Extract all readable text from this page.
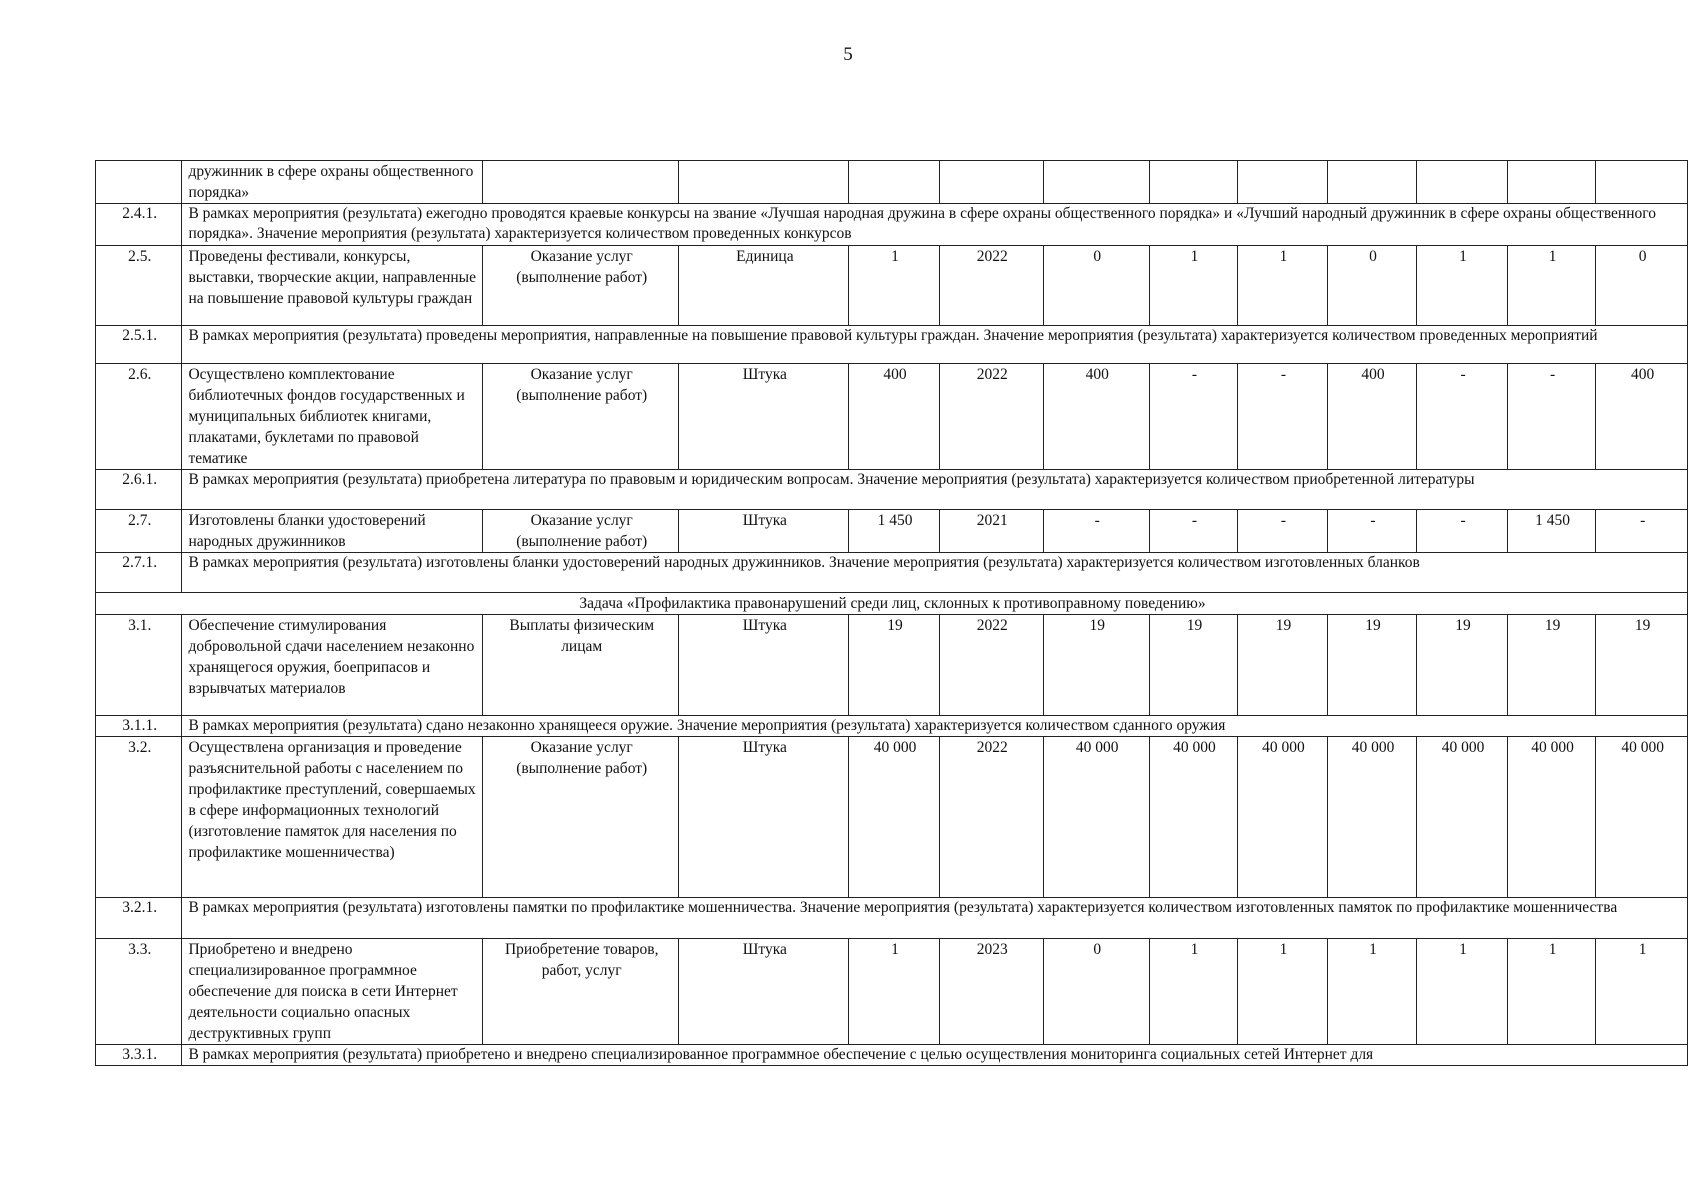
5
	дружинник в сфере охраны общественного порядка»											
2.4.1.	В рамках мероприятия (результата) ежегодно проводятся краевые конкурсы на звание «Лучшая народная дружина в сфере охраны общественного порядка» и «Лучший народный дружинник в сфере охраны общественного порядка». Значение мероприятия (результата) характеризуется количеством проведенных конкурсов											
2.5.	Проведены фестивали, конкурсы, выставки, творческие акции, направленные на повышение правовой культуры граждан	Оказание услуг (выполнение работ)	Единица	1	2022	0	1	1	0	1	1	0
2.5.1.	В рамках мероприятия (результата) проведены мероприятия, направленные на повышение правовой культуры граждан. Значение мероприятия (результата) характеризуется количеством проведенных мероприятий											
2.6.	Осуществлено комплектование библиотечных фондов государственных и муниципальных библиотек книгами, плакатами, буклетами по правовой тематике	Оказание услуг (выполнение работ)	Штука	400	2022	400	-	-	400	-	-	400
2.6.1.	В рамках мероприятия (результата) приобретена литература по правовым и юридическим вопросам. Значение мероприятия (результата) характеризуется количеством приобретенной литературы											
2.7.	Изготовлены бланки удостоверений народных дружинников	Оказание услуг (выполнение работ)	Штука	1 450	2021	-	-	-	-	-	1 450	-
2.7.1.	В рамках мероприятия (результата) изготовлены бланки удостоверений народных дружинников. Значение мероприятия (результата) характеризуется количеством изготовленных бланков											
Задача «Профилактика правонарушений среди лиц, склонных к противоправному поведению»												
3.1.	Обеспечение стимулирования добровольной сдачи населением незаконно хранящегося оружия, боеприпасов и взрывчатых материалов	Выплаты физическим лицам	Штука	19	2022	19	19	19	19	19	19	19
3.1.1.	В рамках мероприятия (результата) сдано незаконно хранящееся оружие. Значение мероприятия (результата) характеризуется количеством сданного оружия											
3.2.	Осуществлена организация и проведение разъяснительной работы с населением по профилактике преступлений, совершаемых в сфере информационных технологий (изготовление памяток для населения по профилактике мошенничества)	Оказание услуг (выполнение работ)	Штука	40 000	2022	40 000	40 000	40 000	40 000	40 000	40 000	40 000
3.2.1.	В рамках мероприятия (результата) изготовлены памятки по профилактике мошенничества. Значение мероприятия (результата) характеризуется количеством изготовленных памяток по профилактике мошенничества											
3.3.	Приобретено и внедрено специализированное программное обеспечение для поиска в сети Интернет деятельности социально опасных деструктивных групп	Приобретение товаров, работ, услуг	Штука	1	2023	0	1	1	1	1	1	1
3.3.1.	В рамках мероприятия (результата) приобретено и внедрено специализированное программное обеспечение с целью осуществления мониторинга социальных сетей Интернет для											
